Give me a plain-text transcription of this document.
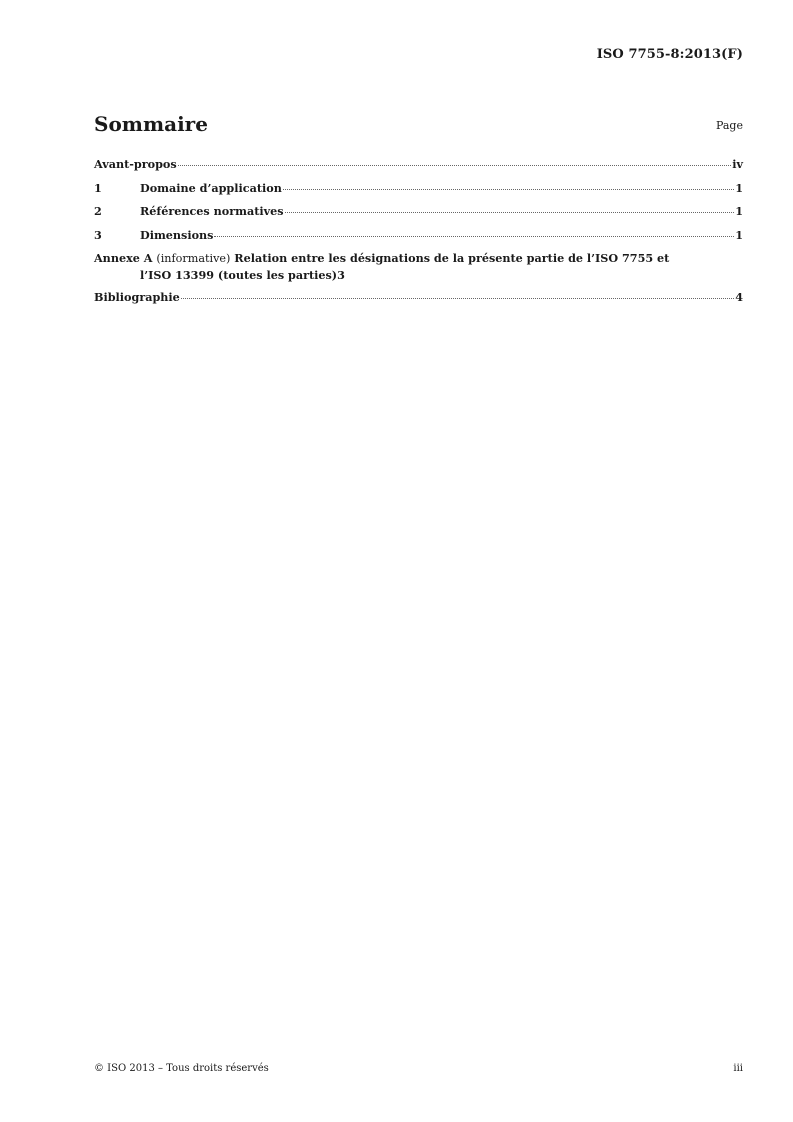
ISO 7755-8:2013(F)
Sommaire	Page
Avant-propos	iv
1	Domaine d’application	1
2	Références normatives	1
3	Dimensions	1
Annexe A (informative) Relation entre les désignations de la présente partie de l’ISO 7755 et
l’ISO 13399 (toutes les parties) 3
Bibliographie	4
© ISO 2013 – Tous droits réservés	iii
